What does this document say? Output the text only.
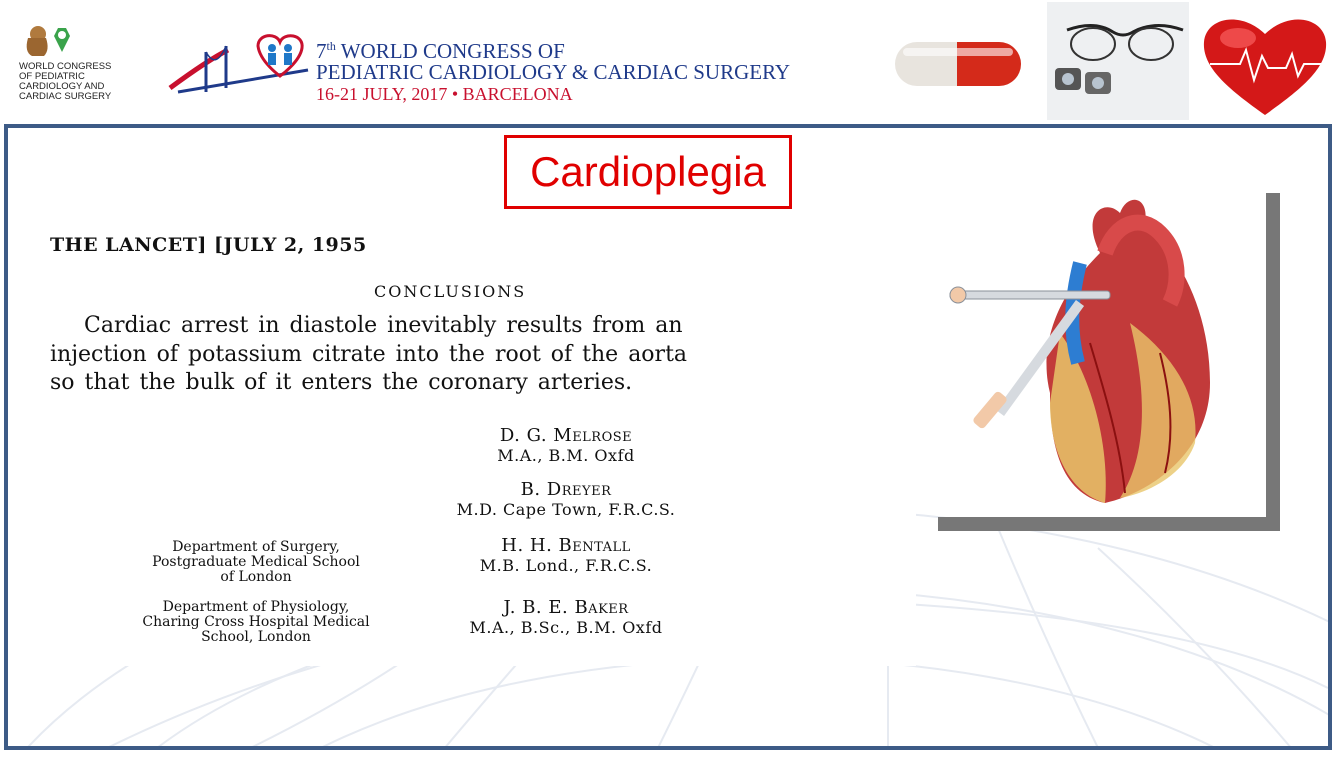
WORLD CONGRESS
OF PEDIATRIC
CARDIOLOGY AND
CARDIAC SURGERY
7th WORLD CONGRESS OF
PEDIATRIC CARDIOLOGY & CARDIAC SURGERY
16-21 JULY, 2017 • BARCELONA
Cardioplegia
THE LANCET] [JULY 2, 1955
CONCLUSIONS
Cardiac arrest in diastole inevitably results from an
injection of potassium citrate into the root of the aorta
so that the bulk of it enters the coronary arteries.
D. G. Melrose
M.A., B.M. Oxfd
B. Dreyer
M.D. Cape Town, F.R.C.S.
H. H. Bentall
M.B. Lond., F.R.C.S.
J. B. E. Baker
M.A., B.Sc., B.M. Oxfd
Department of Surgery,
Postgraduate Medical School
of London
Department of Physiology,
Charing Cross Hospital Medical
School, London
